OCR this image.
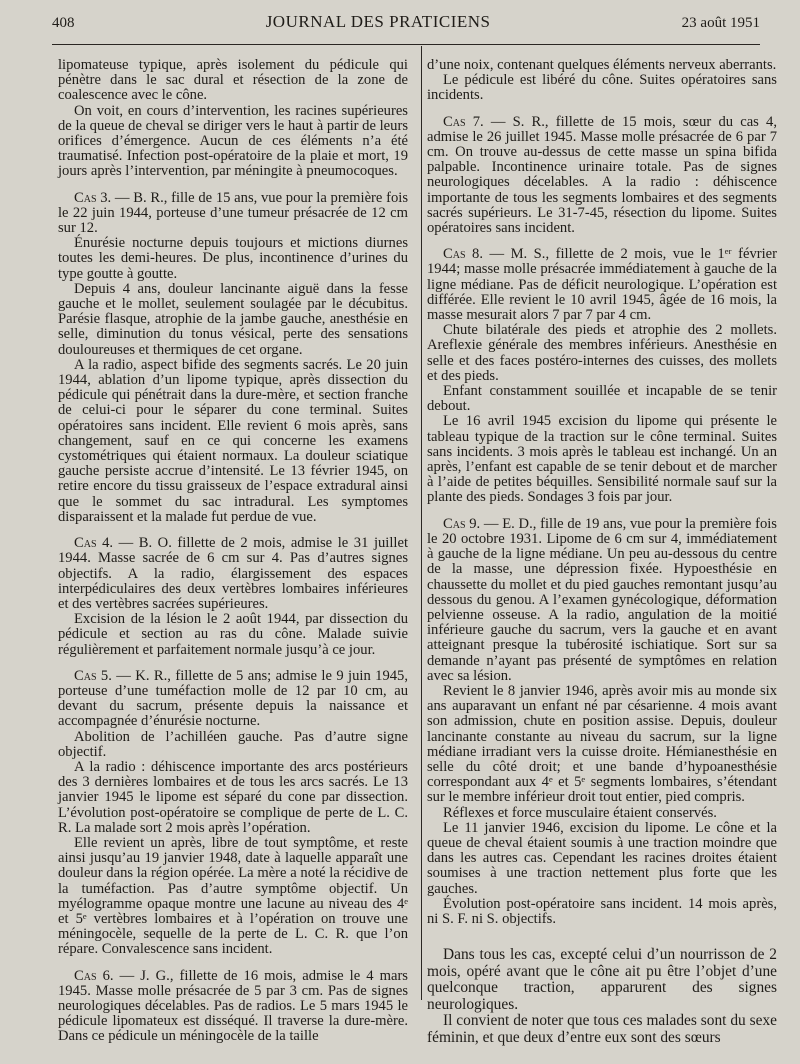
408	JOURNAL DES PRATICIENS	23 août 1951

lipomateuse typique, après isolement du pédicule qui pénètre dans le sac dural et résection de la zone de coalescence avec le cône.

On voit, en cours d’intervention, les racines supérieures de la queue de cheval se diriger vers le haut à partir de leurs orifices d’émergence. Aucun de ces éléments n’a été traumatisé. Infection post-opératoire de la plaie et mort, 19 jours après l’intervention, par méningite à pneumocoques.

Cas 3. — B. R., fille de 15 ans, vue pour la première fois le 22 juin 1944, porteuse d’une tumeur présacrée de 12 cm sur 12.

Énurésie nocturne depuis toujours et mictions diurnes toutes les demi-heures. De plus, incontinence d’urines du type goutte à goutte.

Depuis 4 ans, douleur lancinante aiguë dans la fesse gauche et le mollet, seulement soulagée par le décubitus. Parésie flasque, atrophie de la jambe gauche, anesthésie en selle, diminution du tonus vésical, perte des sensations douloureuses et thermiques de cet organe.

A la radio, aspect bifide des segments sacrés. Le 20 juin 1944, ablation d’un lipome typique, après dissection du pédicule qui pénétrait dans la dure-mère, et section franche de celui-ci pour le séparer du cone terminal. Suites opératoires sans incident. Elle revient 6 mois après, sans changement, sauf en ce qui concerne les examens cystométriques qui étaient normaux. La douleur sciatique gauche persiste accrue d’intensité. Le 13 février 1945, on retire encore du tissu graisseux de l’espace extradural ainsi que le sommet du sac intradural. Les symptomes disparaissent et la malade fut perdue de vue.

Cas 4. — B. O. fillette de 2 mois, admise le 31 juillet 1944. Masse sacrée de 6 cm sur 4. Pas d’autres signes objectifs. A la radio, élargissement des espaces interpédiculaires des deux vertèbres lombaires inférieures et des vertèbres sacrées supérieures.

Excision de la lésion le 2 août 1944, par dissection du pédicule et section au ras du cône. Malade suivie régulièrement et parfaitement normale jusqu’à ce jour.

Cas 5. — K. R., fillette de 5 ans; admise le 9 juin 1945, porteuse d’une tuméfaction molle de 12 par 10 cm, au devant du sacrum, présente depuis la naissance et accompagnée d’énurésie nocturne.

Abolition de l’achilléen gauche. Pas d’autre signe objectif.

A la radio : déhiscence importante des arcs postérieurs des 3 dernières lombaires et de tous les arcs sacrés. Le 13 janvier 1945 le lipome est séparé du cone par dissection. L’évolution post-opératoire se complique de perte de L. C. R. La malade sort 2 mois après l’opération.

Elle revient un après, libre de tout symptôme, et reste ainsi jusqu’au 19 janvier 1948, date à laquelle apparaît une douleur dans la région opérée. La mère a noté la récidive de la tuméfaction. Pas d’autre symptôme objectif. Un myélogramme opaque montre une lacune au niveau des 4ᵉ et 5ᵉ vertèbres lombaires et à l’opération on trouve une méningocèle, sequelle de la perte de L. C. R. que l’on répare. Convalescence sans incident.

Cas 6. — J. G., fillette de 16 mois, admise le 4 mars 1945. Masse molle présacrée de 5 par 3 cm. Pas de signes neurologiques décelables. Pas de radios. Le 5 mars 1945 le pédicule lipomateux est disséqué. Il traverse la dure-mère. Dans ce pédicule un méningocèle de la taille

d’une noix, contenant quelques éléments nerveux aberrants.

Le pédicule est libéré du cône. Suites opératoires sans incidents.

Cas 7. — S. R., fillette de 15 mois, sœur du cas 4, admise le 26 juillet 1945. Masse molle présacrée de 6 par 7 cm. On trouve au-dessus de cette masse un spina bifida palpable. Incontinence urinaire totale. Pas de signes neurologiques décelables. A la radio : déhiscence importante de tous les segments lombaires et des segments sacrés supérieurs. Le 31-7-45, résection du lipome. Suites opératoires sans incident.

Cas 8. — M. S., fillette de 2 mois, vue le 1ᵉʳ février 1944; masse molle présacrée immédiatement à gauche de la ligne médiane. Pas de déficit neurologique. L’opération est différée. Elle revient le 10 avril 1945, âgée de 16 mois, la masse mesurait alors 7 par 7 par 4 cm.

Chute bilatérale des pieds et atrophie des 2 mollets. Areflexie générale des membres inférieurs. Anesthésie en selle et des faces postéro-internes des cuisses, des mollets et des pieds.

Enfant constamment souillée et incapable de se tenir debout.

Le 16 avril 1945 excision du lipome qui présente le tableau typique de la traction sur le cône terminal. Suites sans incidents. 3 mois après le tableau est inchangé. Un an après, l’enfant est capable de se tenir debout et de marcher à l’aide de petites béquilles. Sensibilité normale sauf sur la plante des pieds. Sondages 3 fois par jour.

Cas 9. — E. D., fille de 19 ans, vue pour la première fois le 20 octobre 1931. Lipome de 6 cm sur 4, immédiatement à gauche de la ligne médiane. Un peu au-dessous du centre de la masse, une dépression fixée. Hypoesthésie en chaussette du mollet et du pied gauches remontant jusqu’au dessous du genou. A l’examen gynécologique, déformation pelvienne osseuse. A la radio, angulation de la moitié inférieure gauche du sacrum, vers la gauche et en avant atteignant presque la tubérosité ischiatique. Sort sur sa demande n’ayant pas présenté de symptômes en relation avec sa lésion.

Revient le 8 janvier 1946, après avoir mis au monde six ans auparavant un enfant né par césarienne. 4 mois avant son admission, chute en position assise. Depuis, douleur lancinante constante au niveau du sacrum, sur la ligne médiane irradiant vers la cuisse droite. Hémianesthésie en selle du côté droit; et une bande d’hypoanesthésie correspondant aux 4ᵉ et 5ᵉ segments lombaires, s’étendant sur le membre inférieur droit tout entier, pied compris.

Réflexes et force musculaire étaient conservés.

Le 11 janvier 1946, excision du lipome. Le cône et la queue de cheval étaient soumis à une traction moindre que dans les autres cas. Cependant les racines droites étaient soumises à une traction nettement plus forte que les gauches.

Évolution post-opératoire sans incident. 14 mois après, ni S. F. ni S. objectifs.

Dans tous les cas, excepté celui d’un nourrisson de 2 mois, opéré avant que le cône ait pu être l’objet d’une quelconque traction, apparurent des signes neurologiques.

Il convient de noter que tous ces malades sont du sexe féminin, et que deux d’entre eux sont des sœurs
